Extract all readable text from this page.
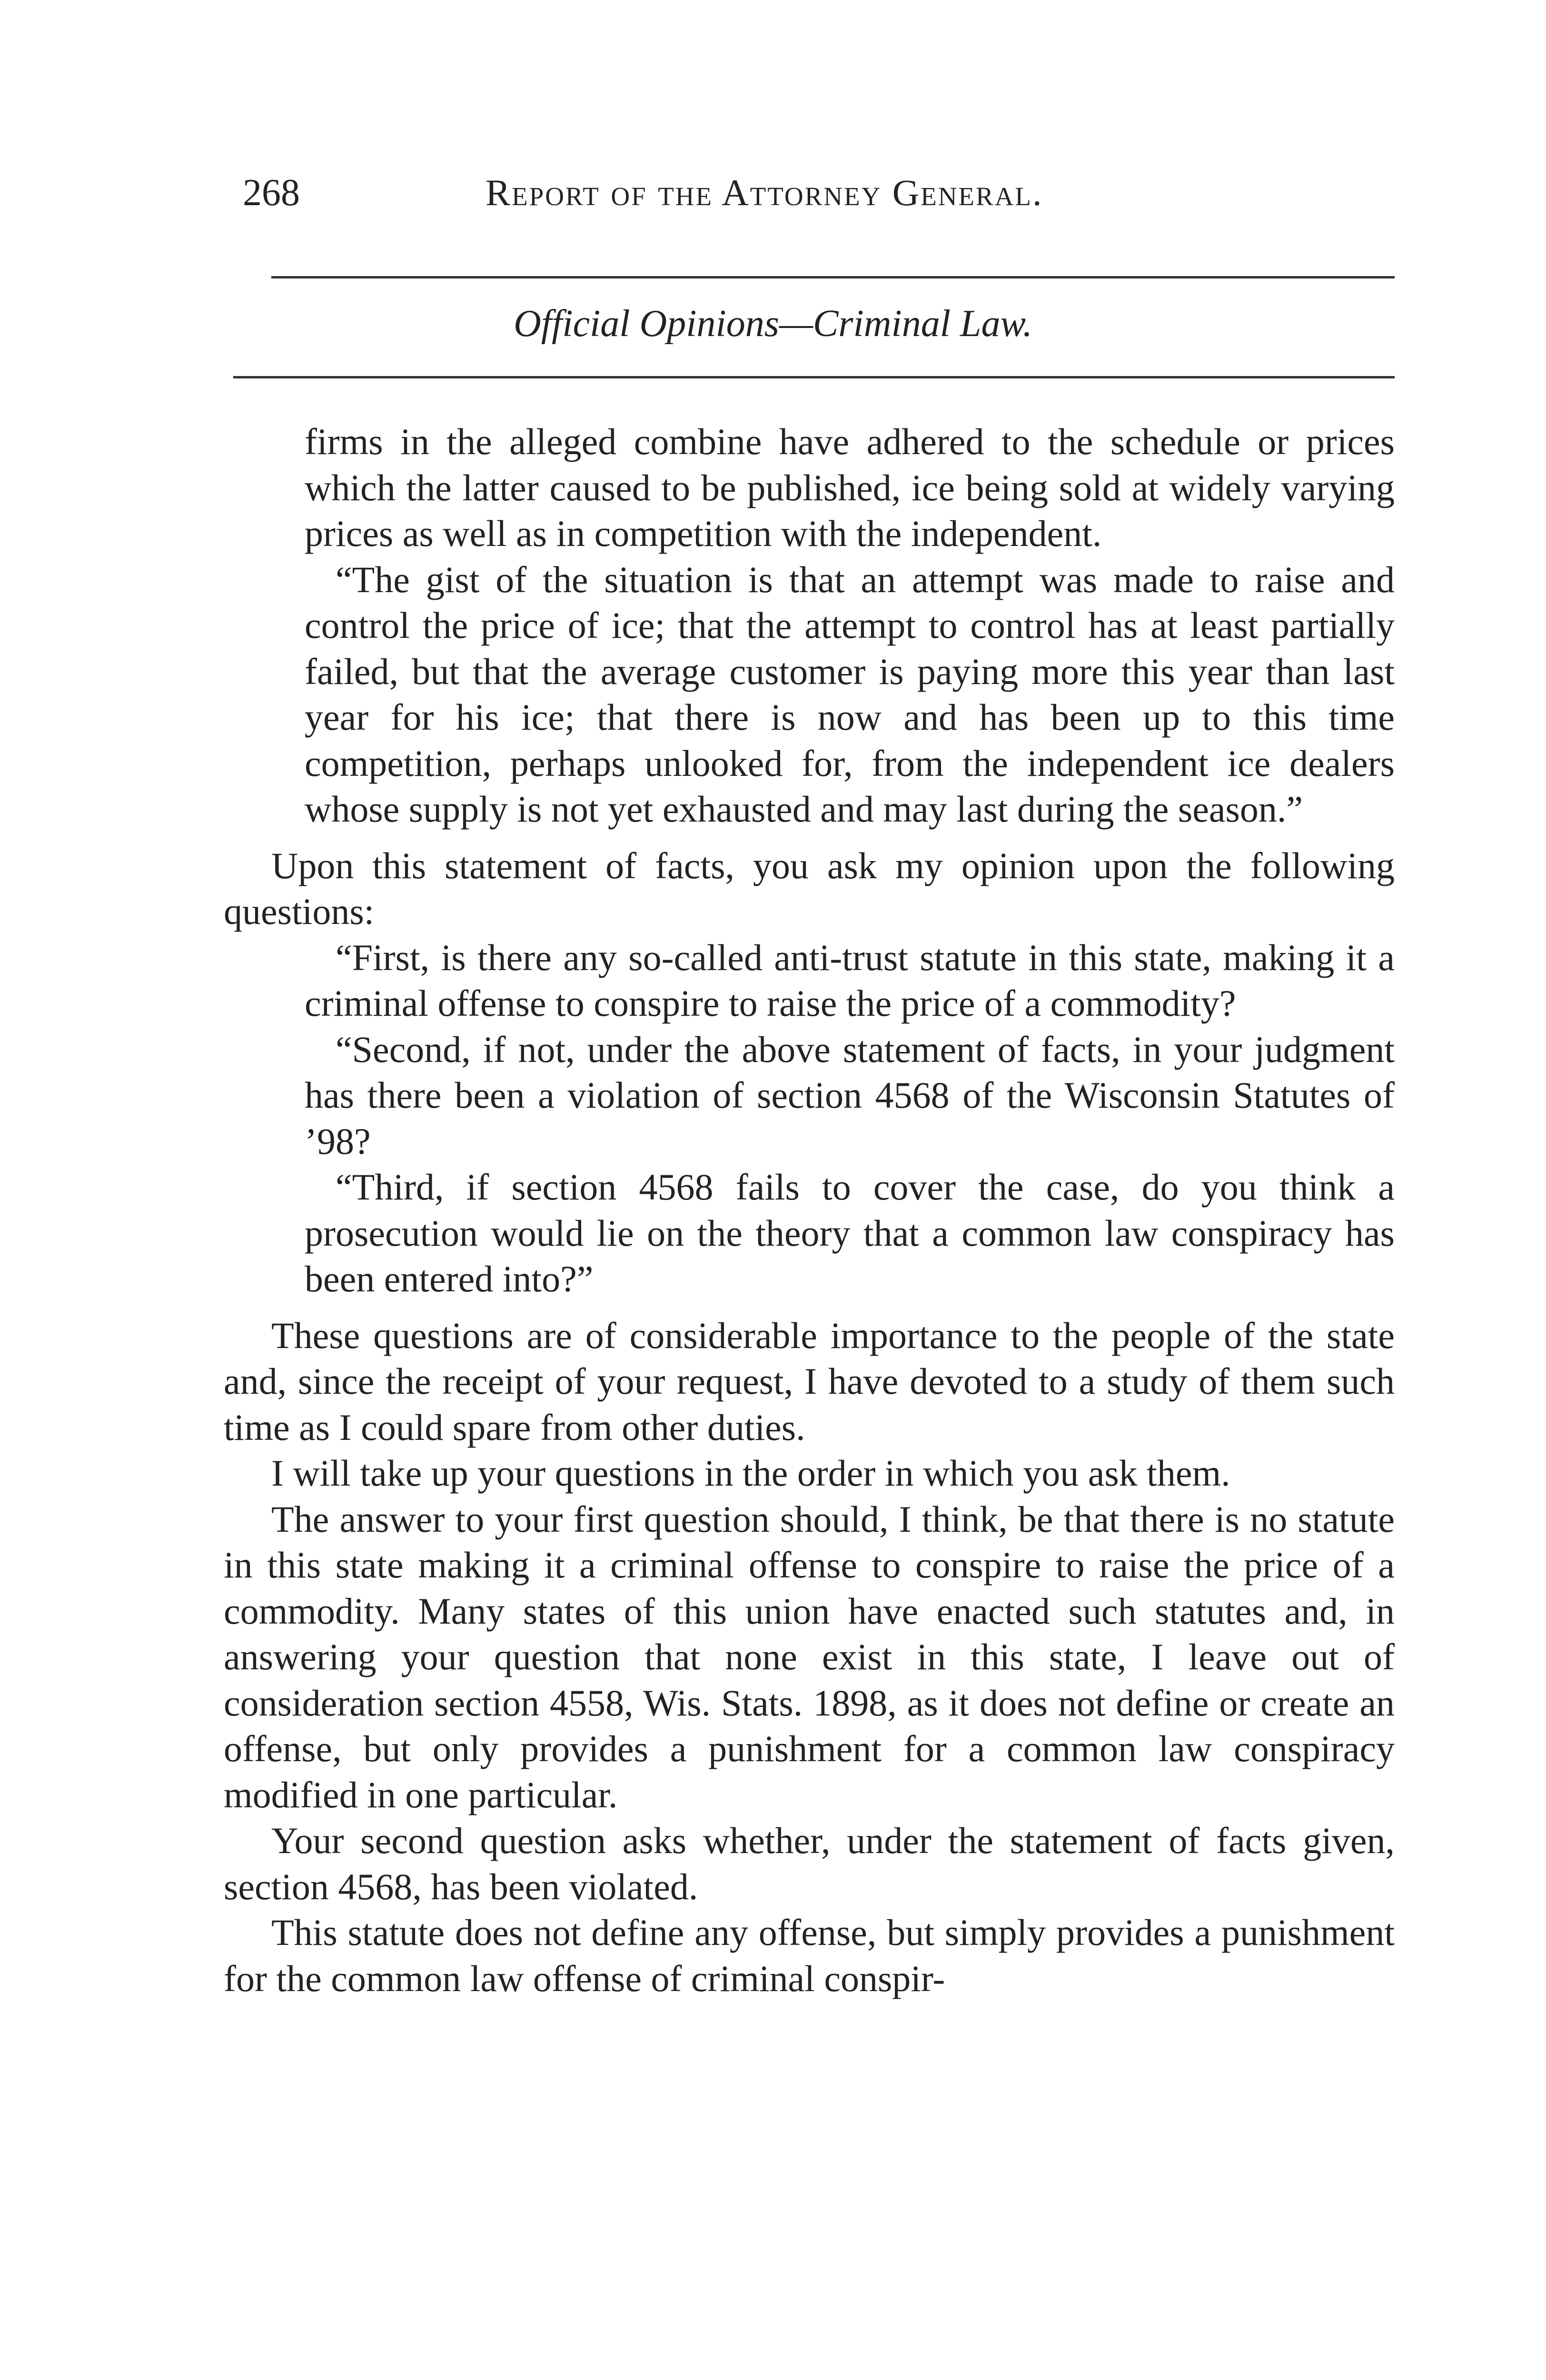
268	Report of the Attorney General.
Official Opinions—Criminal Law.

firms in the alleged combine have adhered to the schedule or prices which the latter caused to be published, ice being sold at widely varying prices as well as in competition with the independent.

“The gist of the situation is that an attempt was made to raise and control the price of ice; that the attempt to control has at least partially failed, but that the average customer is paying more this year than last year for his ice; that there is now and has been up to this time competition, perhaps unlooked for, from the independent ice dealers whose supply is not yet exhausted and may last during the season.”

Upon this statement of facts, you ask my opinion upon the following questions:

“First, is there any so-called anti-trust statute in this state, making it a criminal offense to conspire to raise the price of a commodity?

“Second, if not, under the above statement of facts, in your judgment has there been a violation of section 4568 of the Wisconsin Statutes of ’98?

“Third, if section 4568 fails to cover the case, do you think a prosecution would lie on the theory that a common law conspiracy has been entered into?”

These questions are of considerable importance to the people of the state and, since the receipt of your request, I have devoted to a study of them such time as I could spare from other duties.

I will take up your questions in the order in which you ask them.

The answer to your first question should, I think, be that there is no statute in this state making it a criminal offense to conspire to raise the price of a commodity. Many states of this union have enacted such statutes and, in answering your question that none exist in this state, I leave out of consideration section 4558, Wis. Stats. 1898, as it does not define or create an offense, but only provides a punishment for a common law conspiracy modified in one particular.

Your second question asks whether, under the statement of facts given, section 4568, has been violated.

This statute does not define any offense, but simply provides a punishment for the common law offense of criminal conspir-
